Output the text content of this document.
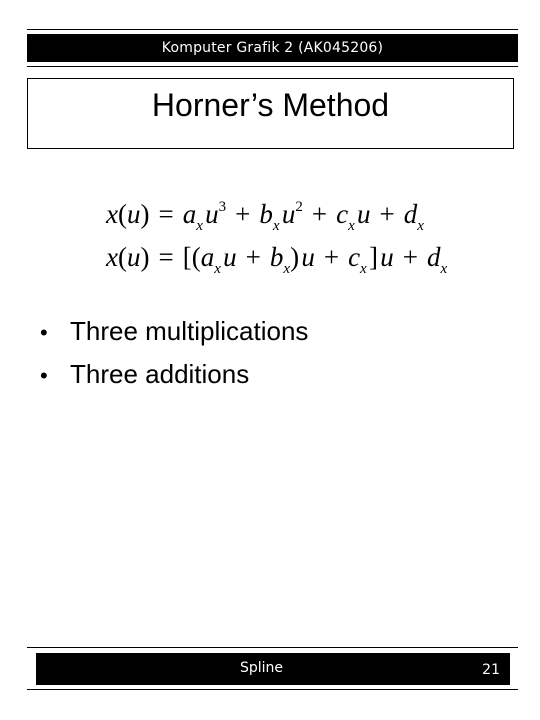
Komputer Grafik 2 (AK045206)
Horner’s Method
x(u)  =  $a_x$ $u^3$  +  $b_x$ $u^2$  +  $c_x$ u  +  $d_x$
x(u)  =  [($a_x$ u  +  $b_x$) u  +  $c_x$ ] u  +  $d_x$
• Three multiplications
• Three additions
Spline	21
